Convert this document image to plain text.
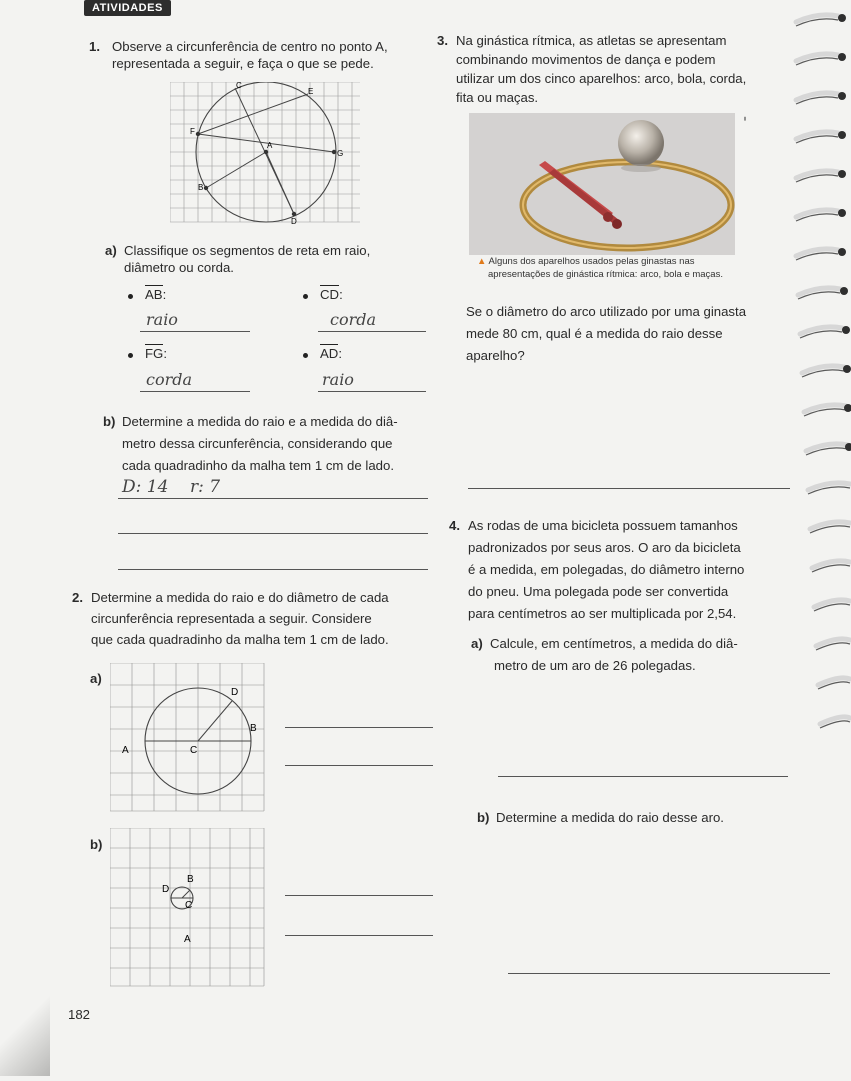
ATIVIDADES
1. Observe a circunferência de centro no ponto A,
representada a seguir, e faça o que se pede.
C
E
F
A
G
B
D
a) Classifique os segmentos de reta em raio,
diâmetro ou corda.
AB:	CD:
raio	corda
FG:	AD:
corda	raio
b) Determine a medida do raio e a medida do diâ-
metro dessa circunferência, considerando que
cada quadradinho da malha tem 1 cm de lado.
D: 14    r: 7
2. Determine a medida do raio e do diâmetro de cada
circunferência representada a seguir. Considere
que cada quadradinho da malha tem 1 cm de lado.
a)
D
B
A	C
b)
B
D
C
A
3. Na ginástica rítmica, as atletas se apresentam
combinando movimentos de dança e podem
utilizar um dos cinco aparelhos: arco, bola, corda,
fita ou maças.
▮
▲ Alguns dos aparelhos usados pelas ginastas nas
apresentações de ginástica rítmica: arco, bola e maças.
Se o diâmetro do arco utilizado por uma ginasta
mede 80 cm, qual é a medida do raio desse
aparelho?
4. As rodas de uma bicicleta possuem tamanhos
padronizados por seus aros. O aro da bicicleta
é a medida, em polegadas, do diâmetro interno
do pneu. Uma polegada pode ser convertida
para centímetros ao ser multiplicada por 2,54.
a) Calcule, em centímetros, a medida do diâ-
metro de um aro de 26 polegadas.
b) Determine a medida do raio desse aro.
182
